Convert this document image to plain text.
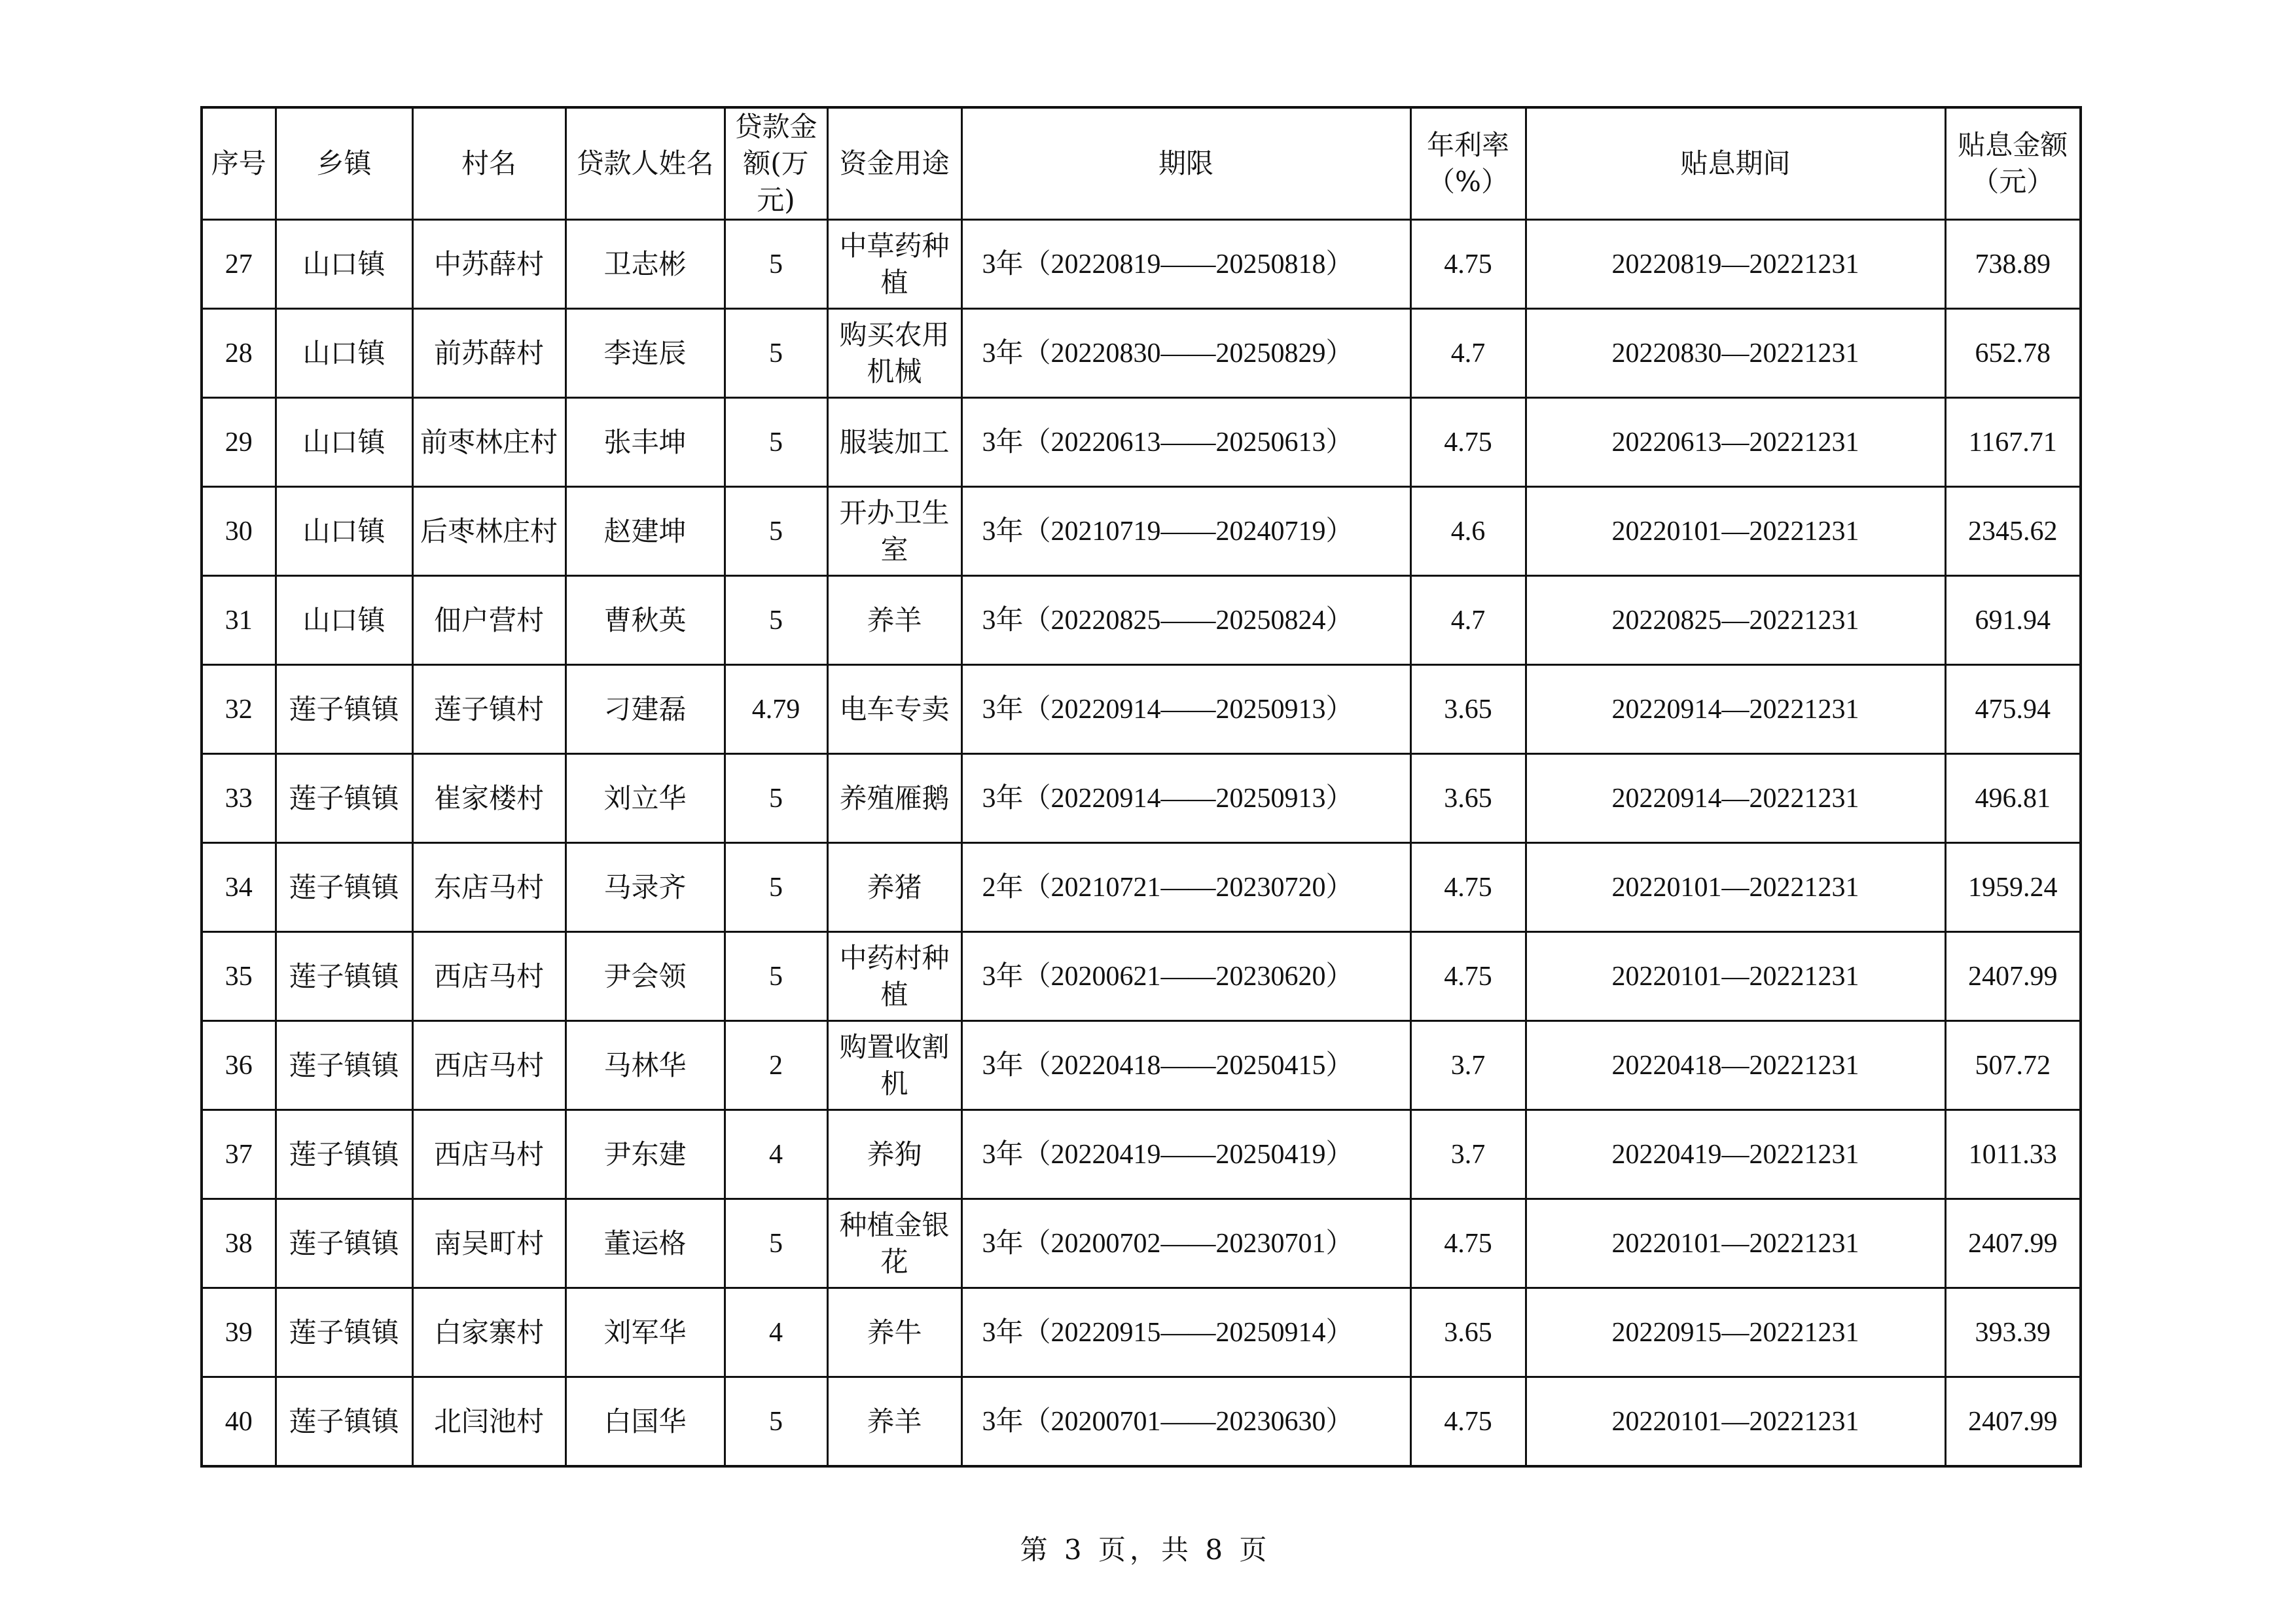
序号	乡镇	村名	贷款人姓名	贷款金额(万元)	资金用途	期限	年利率（%）	贴息期间	贴息金额（元）
27	山口镇	中苏薛村	卫志彬	5	中草药种植	3年（20220819——20250818）	4.75	20220819—20221231	738.89
28	山口镇	前苏薛村	李连辰	5	购买农用机械	3年（20220830——20250829）	4.7	20220830—20221231	652.78
29	山口镇	前枣林庄村	张丰坤	5	服装加工	3年（20220613——20250613）	4.75	20220613—20221231	1167.71
30	山口镇	后枣林庄村	赵建坤	5	开办卫生室	3年（20210719——20240719）	4.6	20220101—20221231	2345.62
31	山口镇	佃户营村	曹秋英	5	养羊	3年（20220825——20250824）	4.7	20220825—20221231	691.94
32	莲子镇镇	莲子镇村	刁建磊	4.79	电车专卖	3年（20220914——20250913）	3.65	20220914—20221231	475.94
33	莲子镇镇	崔家楼村	刘立华	5	养殖雁鹅	3年（20220914——20250913）	3.65	20220914—20221231	496.81
34	莲子镇镇	东店马村	马录齐	5	养猪	2年（20210721——20230720）	4.75	20220101—20221231	1959.24
35	莲子镇镇	西店马村	尹会领	5	中药村种植	3年（20200621——20230620）	4.75	20220101—20221231	2407.99
36	莲子镇镇	西店马村	马林华	2	购置收割机	3年（20220418——20250415）	3.7	20220418—20221231	507.72
37	莲子镇镇	西店马村	尹东建	4	养狗	3年（20220419——20250419）	3.7	20220419—20221231	1011.33
38	莲子镇镇	南吴町村	董运格	5	种植金银花	3年（20200702——20230701）	4.75	20220101—20221231	2407.99
39	莲子镇镇	白家寨村	刘军华	4	养牛	3年（20220915——20250914）	3.65	20220915—20221231	393.39
40	莲子镇镇	北闫池村	白国华	5	养羊	3年（20200701——20230630）	4.75	20220101—20221231	2407.99
第 3 页，共 8 页
